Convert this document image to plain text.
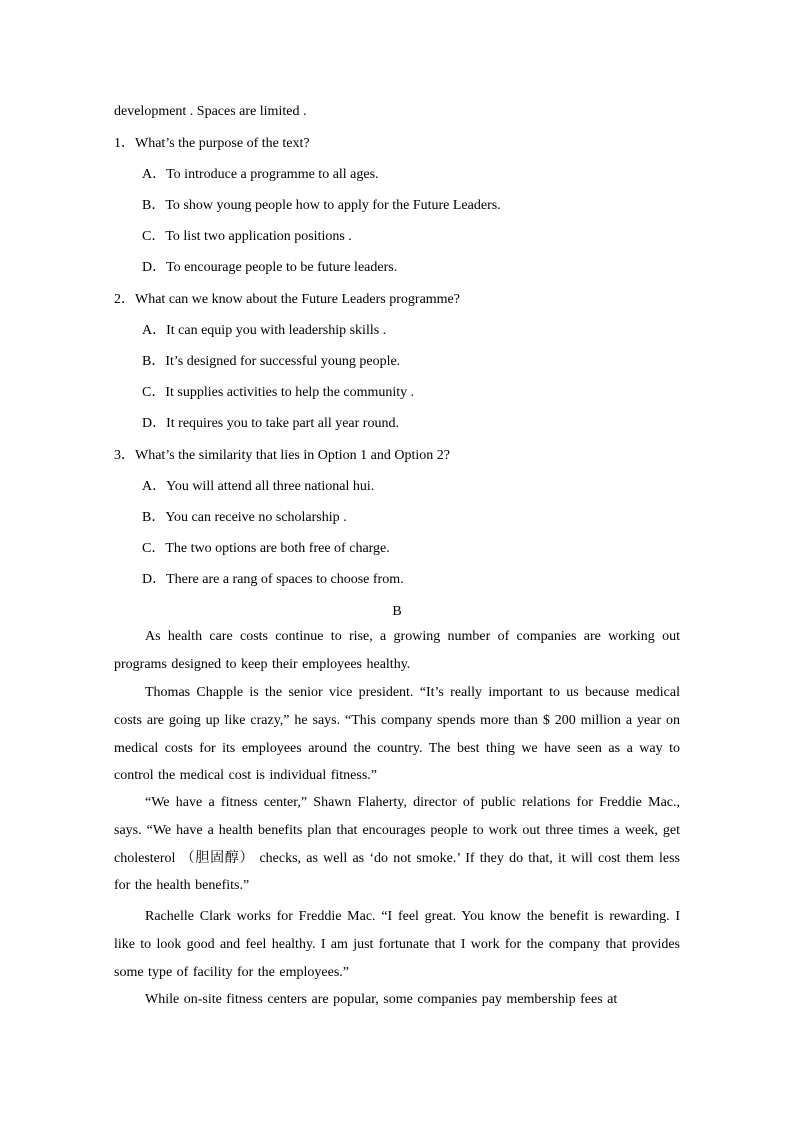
development . Spaces are limited .
1．What’s the purpose of the text?
A．To introduce a programme to all ages.
B．To show young people how to apply for the Future Leaders.
C．To list two application positions .
D．To encourage people to be future leaders.
2．What can we know about the Future Leaders programme?
A．It can equip you with leadership skills .
B．It’s designed for successful young people.
C．It supplies activities to help the community .
D．It requires you to take part all year round.
3．What’s the similarity that lies in Option 1 and Option 2?
A．You will attend all three national hui.
B．You can receive no scholarship .
C．The two options are both free of charge.
D．There are a rang of spaces to choose from.
B
As health care costs continue to rise, a growing number of companies are working out programs designed to keep their employees healthy.
Thomas Chapple is the senior vice president. “It’s really important to us because medical costs are going up like crazy,” he says. “This company spends more than $ 200 million a year on medical costs for its employees around the country. The best thing we have seen as a way to control the medical cost is individual fitness.”
“We have a fitness center,” Shawn Flaherty, director of public relations for Freddie Mac., says. “We have a health benefits plan that encourages people to work out three times a week, get cholesterol （胆固醇） checks, as well as ‘do not smoke.’ If they do that, it will cost them less for the health benefits.”
Rachelle Clark works for Freddie Mac. “I feel great. You know the benefit is rewarding. I like to look good and feel healthy. I am just fortunate that I work for the company that provides some type of facility for the employees.”
While on-site fitness centers are popular, some companies pay membership fees at
